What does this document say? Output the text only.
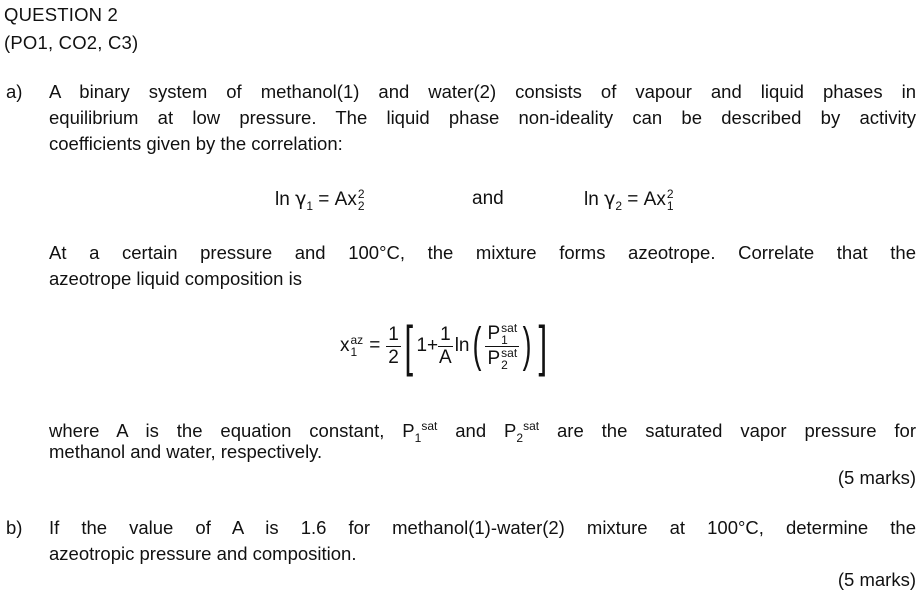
QUESTION 2
(PO1, CO2, C3)
a) A binary system of methanol(1) and water(2) consists of vapour and liquid phases in
equilibrium at low pressure. The liquid phase non-ideality can be described by activity
coefficients given by the correlation:
$\ln \gamma_1 = Ax$ 2
2	and	$\ln \gamma_2 = Ax$ 2
1
At a certain pressure and 100°C, the mixture forms azeotrope. Correlate that the
azeotrope liquid composition is
x az
$1 = \frac{1}{2}$ [ $1+ \frac{1}{A}$ ln ( P sat
1
P sat
2 ) ]
where A is the equation constant, $P_1^{sat}$ and $P_2^{sat}$ are the saturated vapor pressure for
methanol and water, respectively.
(5 marks)
b) If the value of A is 1.6 for methanol(1)-water(2) mixture at 100°C, determine the
azeotropic pressure and composition.
(5 marks)
